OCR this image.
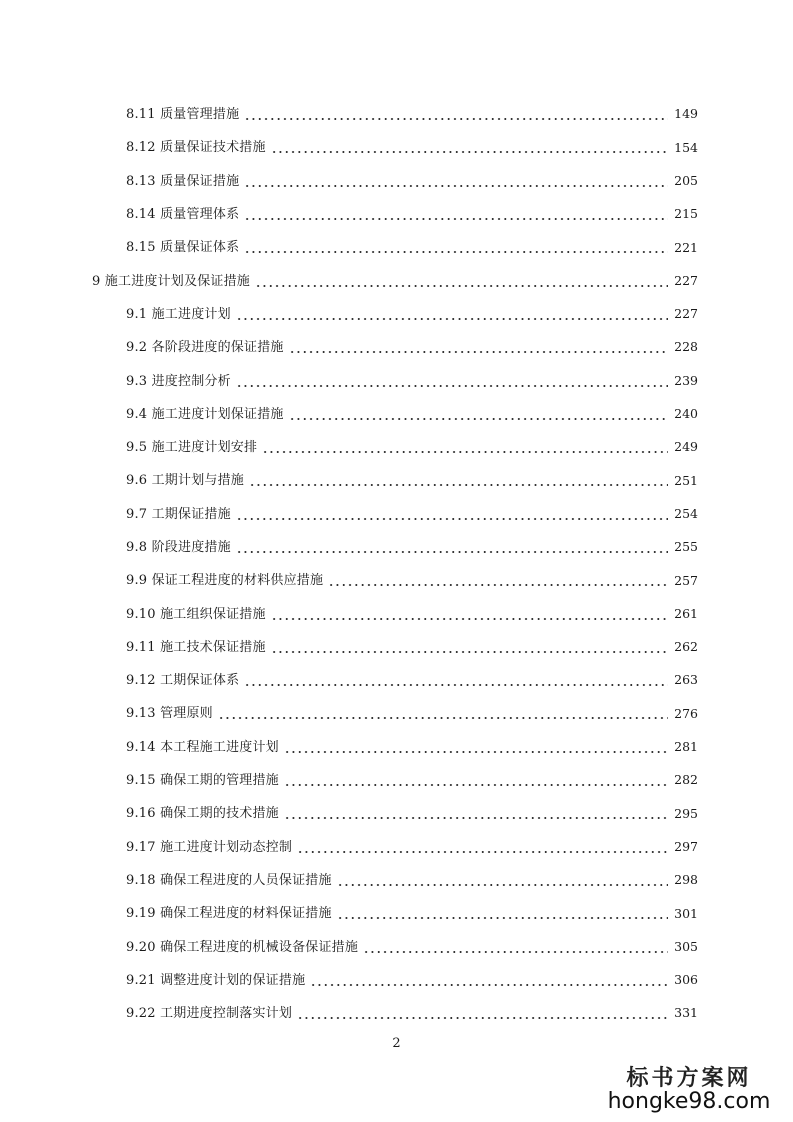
8.11 质量管理措施	149
8.12 质量保证技术措施	154
8.13 质量保证措施	205
8.14 质量管理体系	215
8.15 质量保证体系	221
9 施工进度计划及保证措施	227
9.1 施工进度计划	227
9.2 各阶段进度的保证措施	228
9.3 进度控制分析	239
9.4 施工进度计划保证措施	240
9.5 施工进度计划安排	249
9.6 工期计划与措施	251
9.7 工期保证措施	254
9.8 阶段进度措施	255
9.9 保证工程进度的材料供应措施	257
9.10 施工组织保证措施	261
9.11 施工技术保证措施	262
9.12 工期保证体系	263
9.13 管理原则	276
9.14 本工程施工进度计划	281
9.15 确保工期的管理措施	282
9.16 确保工期的技术措施	295
9.17 施工进度计划动态控制	297
9.18 确保工程进度的人员保证措施	298
9.19 确保工程进度的材料保证措施	301
9.20 确保工程进度的机械设备保证措施	305
9.21 调整进度计划的保证措施	306
9.22 工期进度控制落实计划	331
2
标书方案网
hongke98.com
